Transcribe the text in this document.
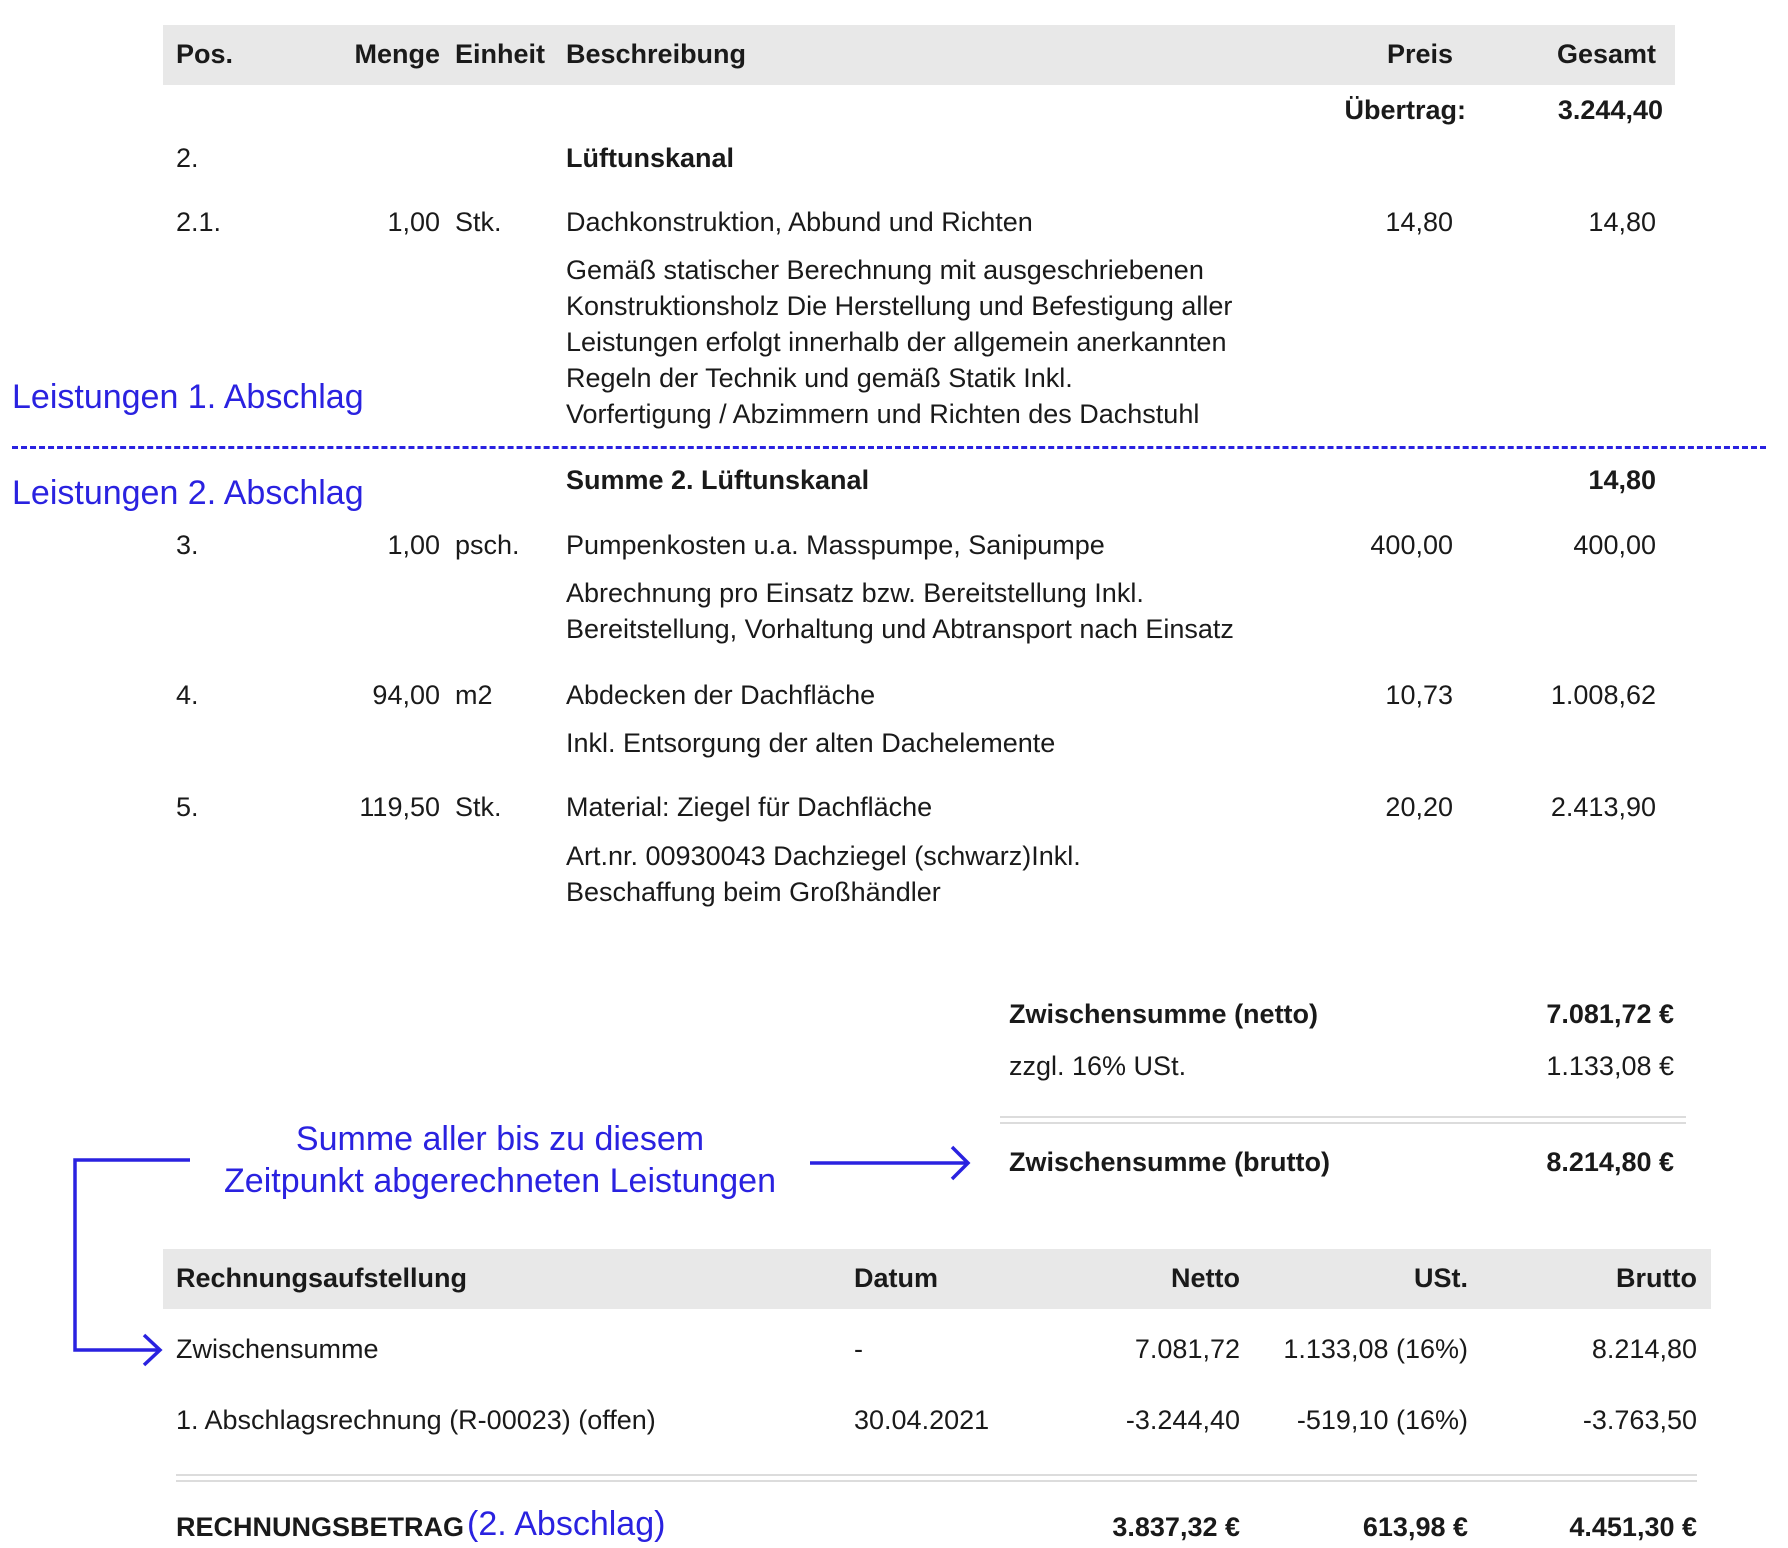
Pos.	Menge Einheit Beschreibung	Preis	Gesamt
Übertrag:	3.244,40
2.	Lüftunskanal
2.1.	1,00 Stk. Dachkonstruktion, Abbund und Richten	14,80	14,80
Gemäß statischer Berechnung mit ausgeschriebenen
Konstruktionsholz Die Herstellung und Befestigung aller
Leistungen erfolgt innerhalb der allgemein anerkannten
Regeln der Technik und gemäß Statik Inkl.
Vorfertigung / Abzimmern und Richten des Dachstuhl
Leistungen 1. Abschlag
Leistungen 2. Abschlag	Summe 2. Lüftunskanal	14,80
3.	1,00 psch. Pumpenkosten u.a. Masspumpe, Sanipumpe	400,00	400,00
Abrechnung pro Einsatz bzw. Bereitstellung Inkl.
Bereitstellung, Vorhaltung und Abtransport nach Einsatz
4.	94,00 m2	Abdecken der Dachfläche	10,73	1.008,62
Inkl. Entsorgung der alten Dachelemente
5.	119,50 Stk. Material: Ziegel für Dachfläche	20,20	2.413,90
Art.nr. 00930043 Dachziegel (schwarz)Inkl.
Beschaffung beim Großhändler
Zwischensumme (netto)	7.081,72 €
zzgl. 16% USt.	1.133,08 €
Zwischensumme (brutto)	8.214,80 €
Summe aller bis zu diesem
Zeitpunkt abgerechneten Leistungen
Rechnungsaufstellung	Datum	Netto	USt.	Brutto
Zwischensumme	-	7.081,72	1.133,08 (16%)	8.214,80
1. Abschlagsrechnung (R-00023) (offen)	30.04.2021	-3.244,40	-519,10 (16%)	-3.763,50
RECHNUNGSBETRAG (2. Abschlag)	3.837,32 €	613,98 €	4.451,30 €
